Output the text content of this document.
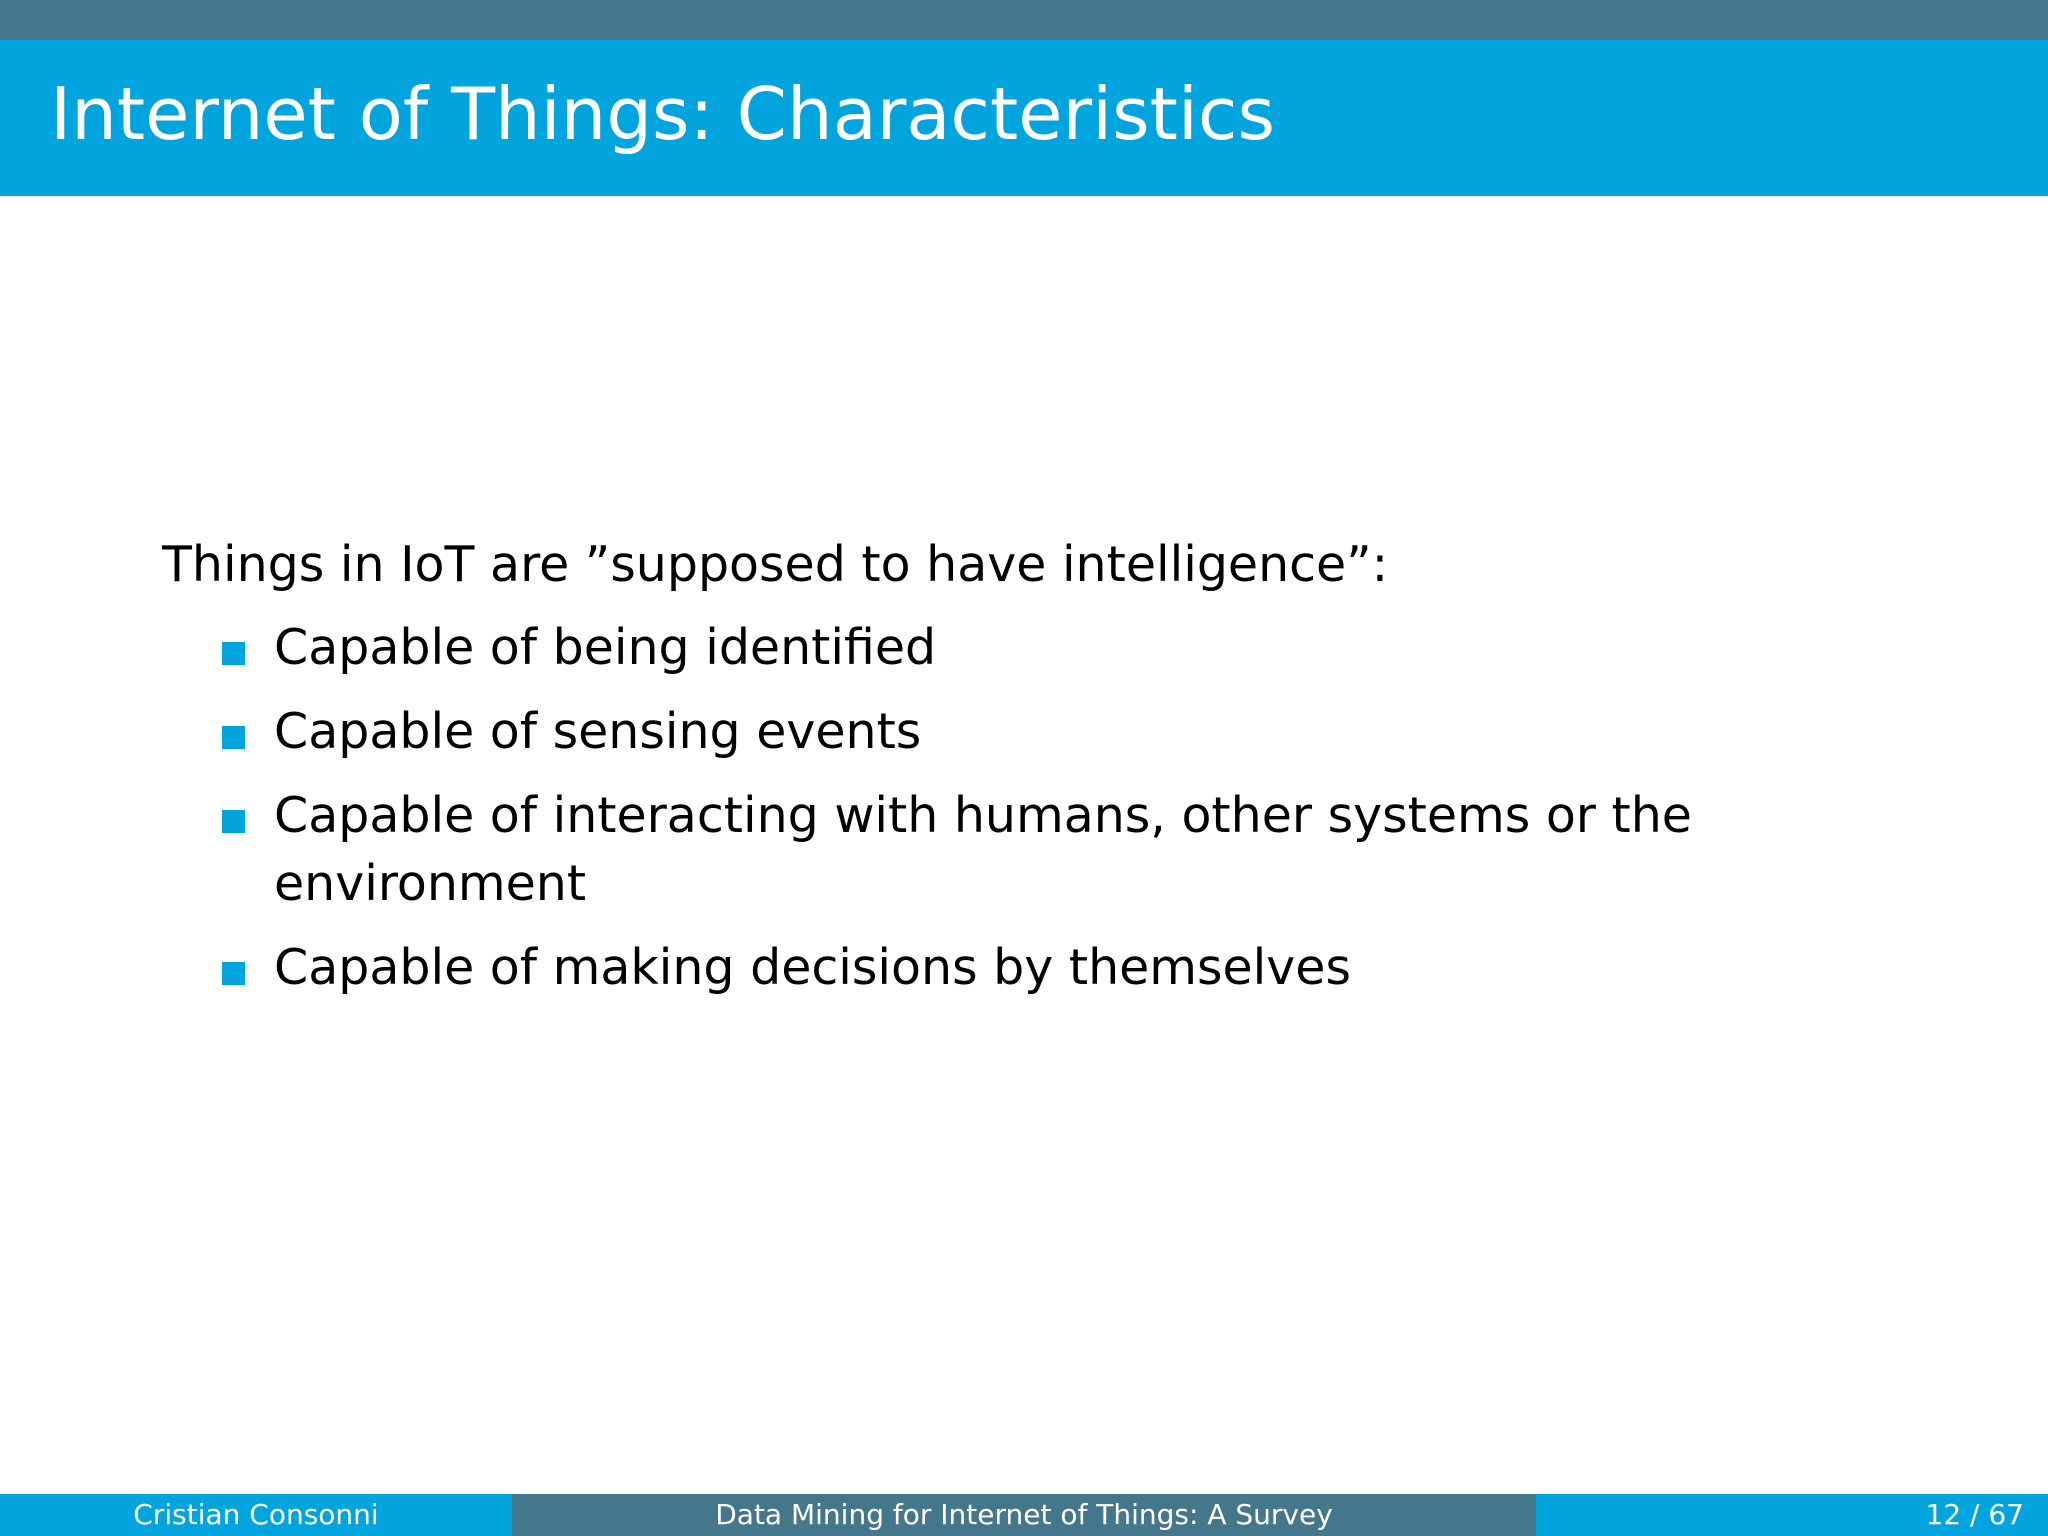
Internet of Things: Characteristics
Things in IoT are ”supposed to have intelligence”:
Capable of being identified
Capable of sensing events
Capable of interacting with humans, other systems or the environment
Capable of making decisions by themselves
Cristian Consonni	Data Mining for Internet of Things: A Survey	12 / 67
